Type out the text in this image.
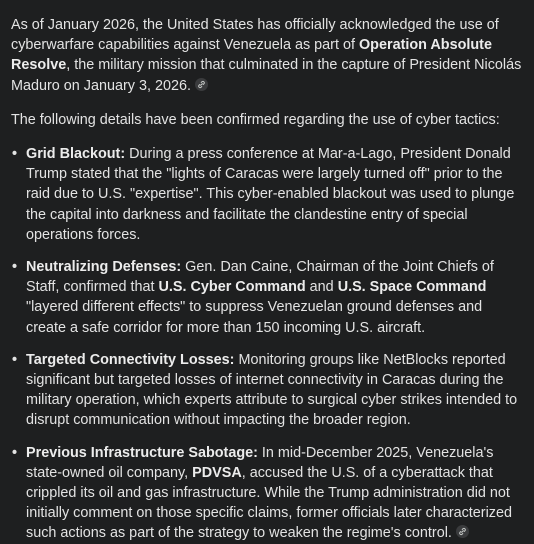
As of January 2026, the United States has officially acknowledged the use of cyberwarfare capabilities against Venezuela as part of Operation Absolute Resolve, the military mission that culminated in the capture of President Nicolás Maduro on January 3, 2026.

The following details have been confirmed regarding the use of cyber tactics:

• Grid Blackout: During a press conference at Mar-a-Lago, President Donald Trump stated that the "lights of Caracas were largely turned off" prior to the raid due to U.S. "expertise". This cyber-enabled blackout was used to plunge the capital into darkness and facilitate the clandestine entry of special operations forces.
• Neutralizing Defenses: Gen. Dan Caine, Chairman of the Joint Chiefs of Staff, confirmed that U.S. Cyber Command and U.S. Space Command "layered different effects" to suppress Venezuelan ground defenses and create a safe corridor for more than 150 incoming U.S. aircraft.
• Targeted Connectivity Losses: Monitoring groups like NetBlocks reported significant but targeted losses of internet connectivity in Caracas during the military operation, which experts attribute to surgical cyber strikes intended to disrupt communication without impacting the broader region.
• Previous Infrastructure Sabotage: In mid-December 2025, Venezuela's state-owned oil company, PDVSA, accused the U.S. of a cyberattack that crippled its oil and gas infrastructure. While the Trump administration did not initially comment on those specific claims, former officials later characterized such actions as part of the strategy to weaken the regime's control.
